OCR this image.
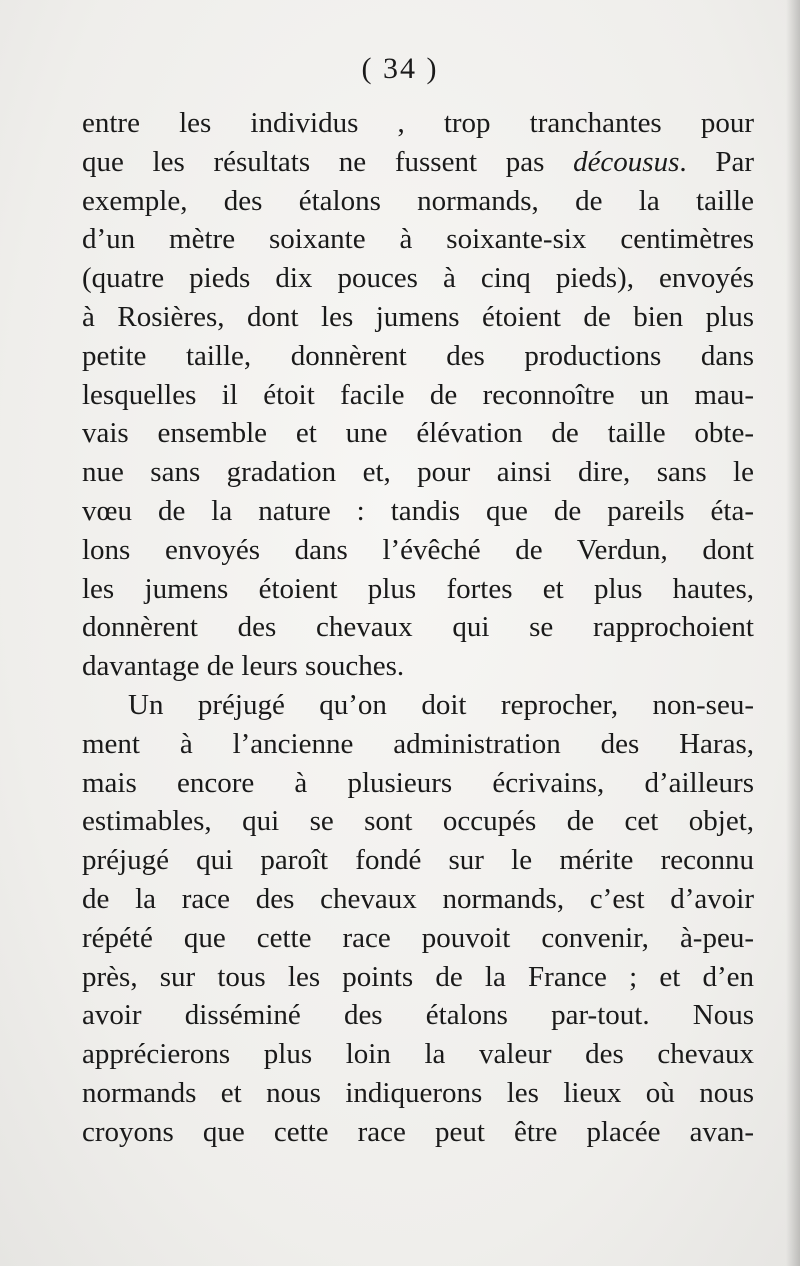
( 34 )
entre les individus , trop tranchantes pour
que les résultats ne fussent pas décousus. Par
exemple, des étalons normands, de la taille
d’un mètre soixante à soixante-six centimètres
(quatre pieds dix pouces à cinq pieds), envoyés
à Rosières, dont les jumens étoient de bien plus
petite taille, donnèrent des productions dans
lesquelles il étoit facile de reconnoître un mau-
vais ensemble et une élévation de taille obte-
nue sans gradation et, pour ainsi dire, sans le
vœu de la nature : tandis que de pareils éta-
lons envoyés dans l’évêché de Verdun, dont
les jumens étoient plus fortes et plus hautes,
donnèrent des chevaux qui se rapprochoient
davantage de leurs souches.
Un préjugé qu’on doit reprocher, non-seu-
ment à l’ancienne administration des Haras,
mais encore à plusieurs écrivains, d’ailleurs
estimables, qui se sont occupés de cet objet,
préjugé qui paroît fondé sur le mérite reconnu
de la race des chevaux normands, c’est d’avoir
répété que cette race pouvoit convenir, à-peu-
près, sur tous les points de la France ; et d’en
avoir disséminé des étalons par-tout. Nous
apprécierons plus loin la valeur des chevaux
normands et nous indiquerons les lieux où nous
croyons que cette race peut être placée avan-
